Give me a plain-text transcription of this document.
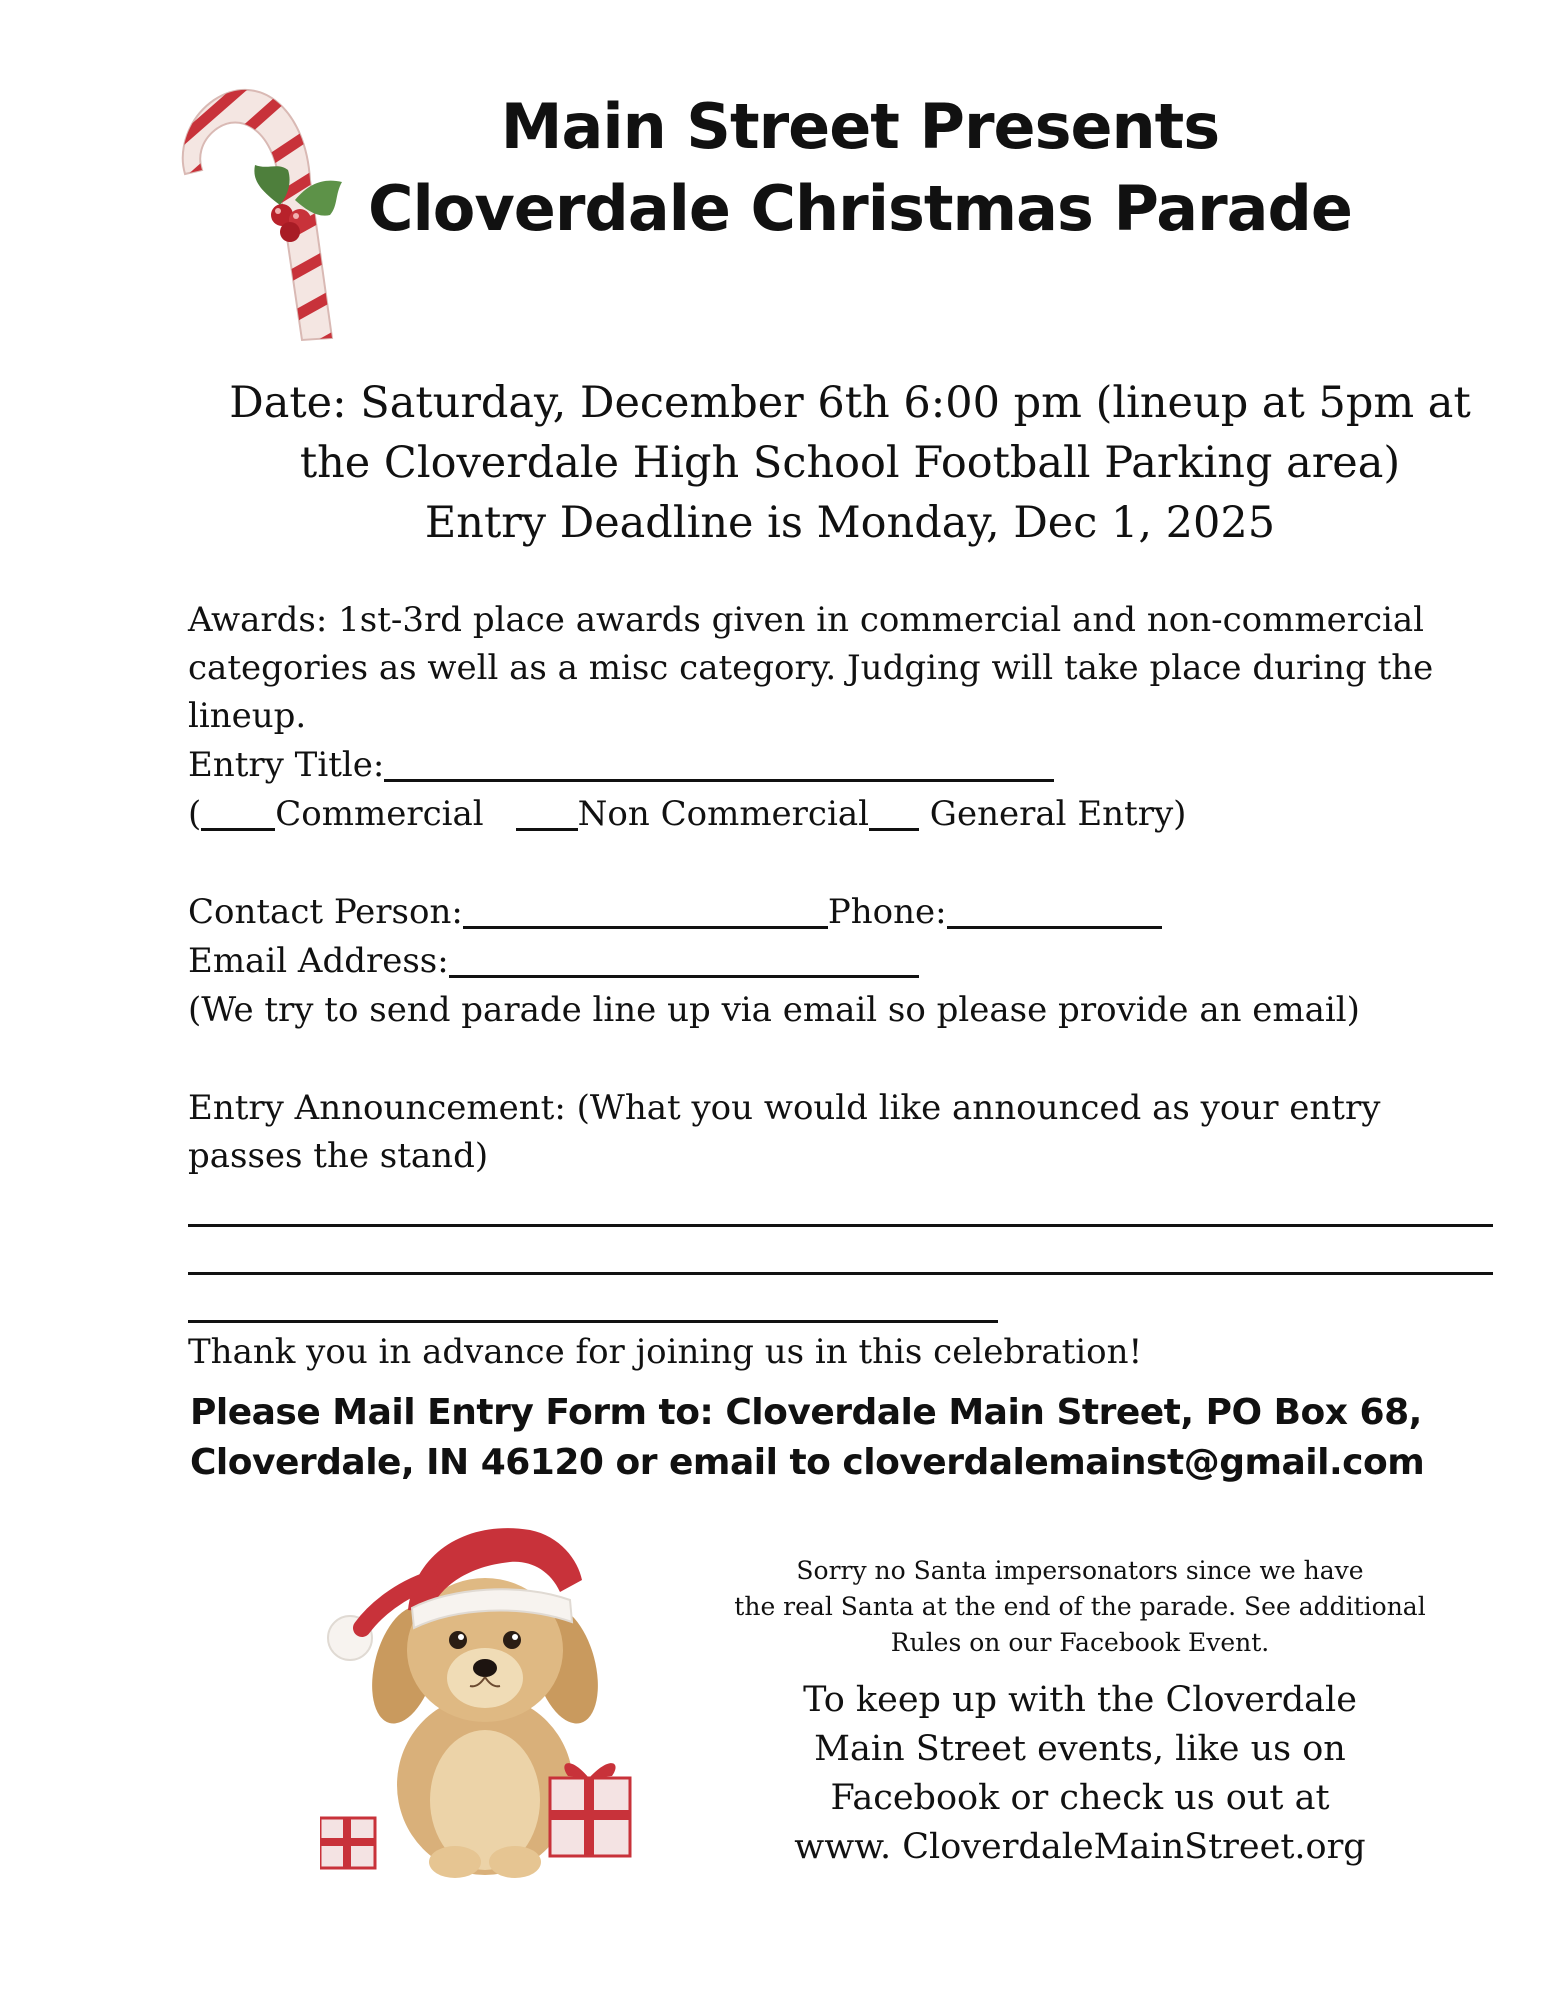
Main Street Presents
Cloverdale Christmas Parade

Date: Saturday, December 6th 6:00 pm (lineup at 5pm at

the Cloverdale High School Football Parking area)

Entry Deadline is Monday, Dec 1, 2025

Awards: 1st-3rd place awards given in commercial and non-commercial

categories as well as a misc category. Judging will take place during the

lineup.

Entry Title:

( Commercial	Non Commercial General Entry)

Contact Person:	Phone:

Email Address:

(We try to send parade line up via email so please provide an email)

Entry Announcement: (What you would like announced as your entry

passes the stand)

Thank you in advance for joining us in this celebration!

Please Mail Entry Form to: Cloverdale Main Street, PO Box 68,

Cloverdale, IN 46120 or email to cloverdalemainst@gmail.com

Sorry no Santa impersonators since we have

the real Santa at the end of the parade. See additional

Rules on our Facebook Event.

To keep up with the Cloverdale

Main Street events, like us on

Facebook or check us out at

www. CloverdaleMainStreet.org
